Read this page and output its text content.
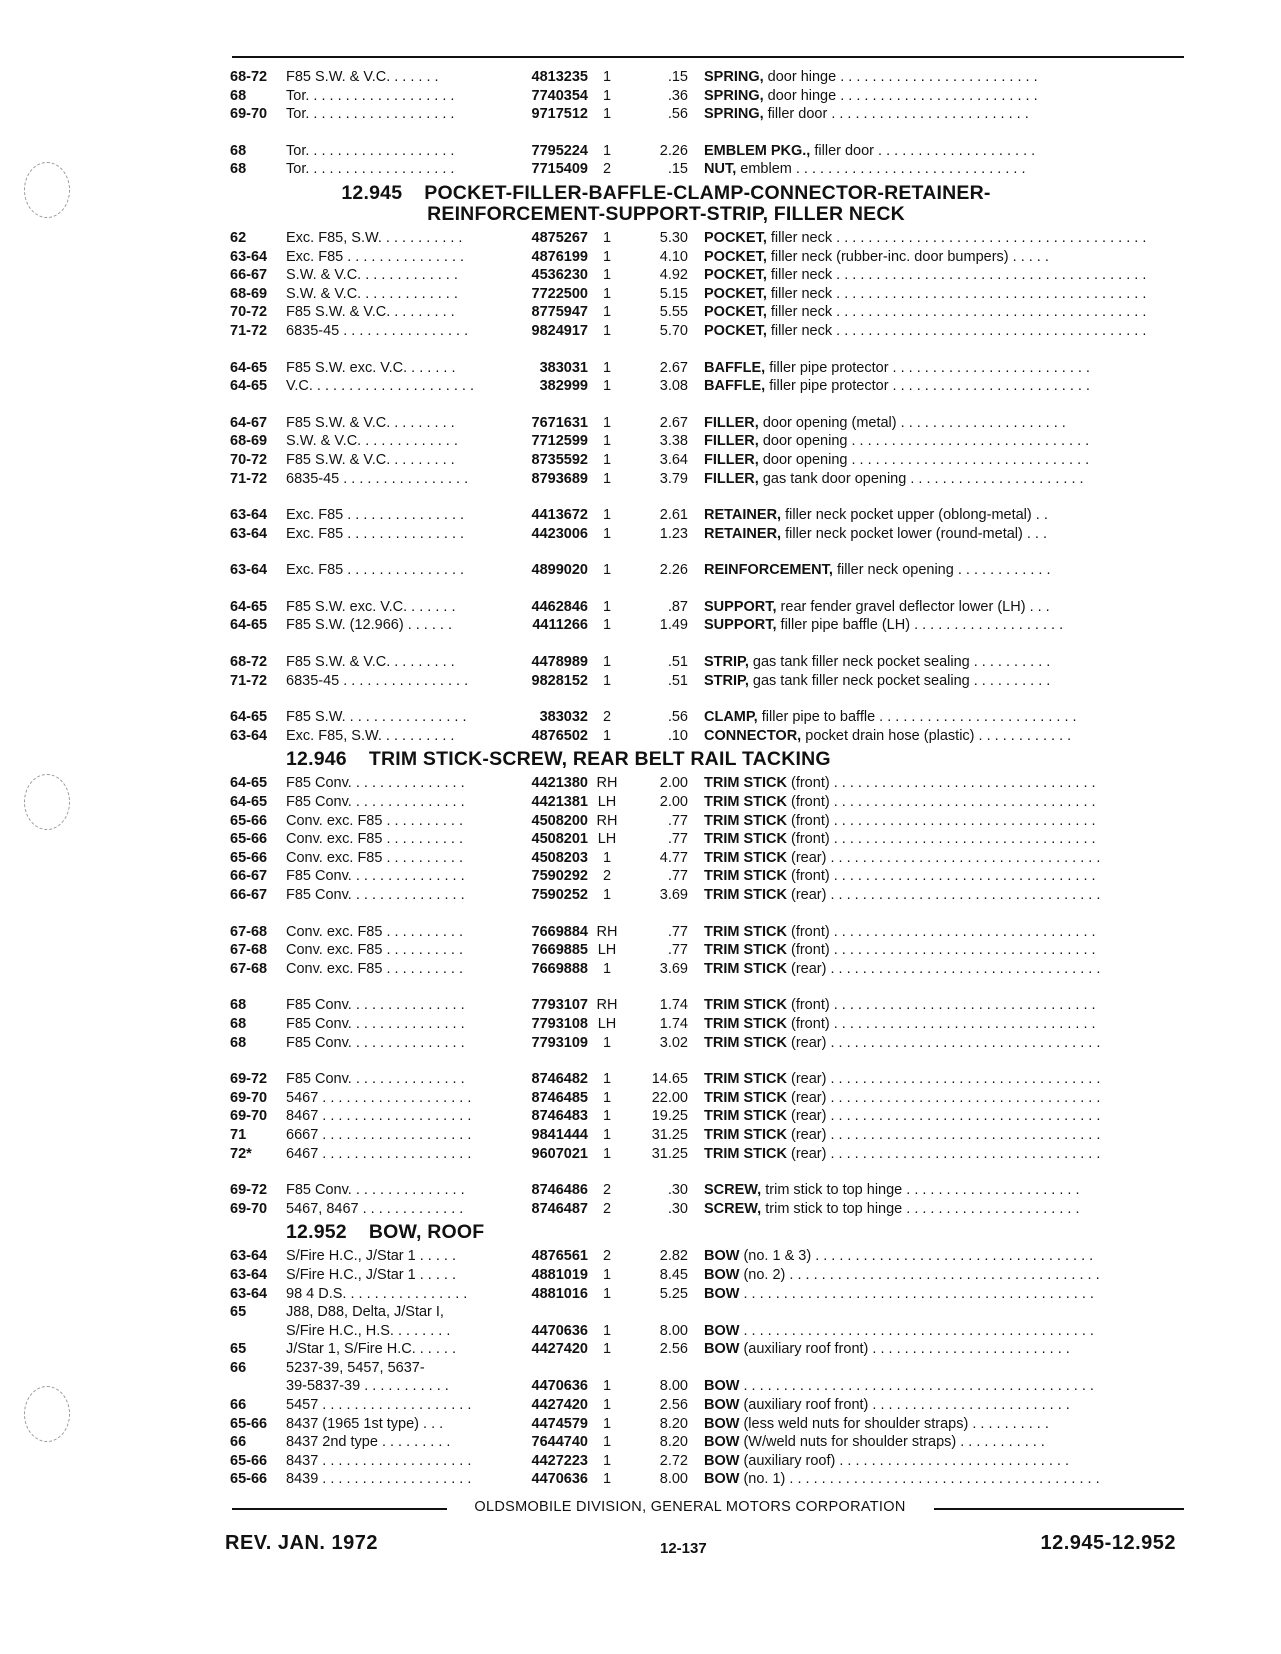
68-72	F85 S.W. & V.C. . . . . . .	4813235	1	.15 SPRING, door hinge . . . . . . . . . . . . . . . . . . . . . . . . .
68	Tor. . . . . . . . . . . . . . . . . . .	7740354	1	.36 SPRING, door hinge . . . . . . . . . . . . . . . . . . . . . . . . .
69-70	Tor. . . . . . . . . . . . . . . . . . .	9717512	1	.56 SPRING, filler door . . . . . . . . . . . . . . . . . . . . . . . . .
68	Tor. . . . . . . . . . . . . . . . . . .	7795224	1	2.26 EMBLEM PKG., filler door . . . . . . . . . . . . . . . . . . . .
68	Tor. . . . . . . . . . . . . . . . . . .	7715409	2	.15 NUT, emblem . . . . . . . . . . . . . . . . . . . . . . . . . . . . .
12.945 POCKET-FILLER-BAFFLE-CLAMP-CONNECTOR-RETAINER-
REINFORCEMENT-SUPPORT-STRIP, FILLER NECK
62	Exc. F85, S.W. . . . . . . . . . .	4875267	1	5.30 POCKET, filler neck . . . . . . . . . . . . . . . . . . . . . . . . . . . . . . . . . . . . . . .
63-64	Exc. F85 . . . . . . . . . . . . . . .	4876199	1	4.10 POCKET, filler neck (rubber-inc. door bumpers) . . . . .
66-67	S.W. & V.C. . . . . . . . . . . . .	4536230	1	4.92 POCKET, filler neck . . . . . . . . . . . . . . . . . . . . . . . . . . . . . . . . . . . . . . .
68-69	S.W. & V.C. . . . . . . . . . . . .	7722500	1	5.15 POCKET, filler neck . . . . . . . . . . . . . . . . . . . . . . . . . . . . . . . . . . . . . . .
70-72	F85 S.W. & V.C. . . . . . . . .	8775947	1	5.55 POCKET, filler neck . . . . . . . . . . . . . . . . . . . . . . . . . . . . . . . . . . . . . . .
71-72	6835-45 . . . . . . . . . . . . . . . .	9824917	1	5.70 POCKET, filler neck . . . . . . . . . . . . . . . . . . . . . . . . . . . . . . . . . . . . . . .
64-65	F85 S.W. exc. V.C. . . . . . .	383031	1	2.67 BAFFLE, filler pipe protector . . . . . . . . . . . . . . . . . . . . . . . . .
64-65	V.C. . . . . . . . . . . . . . . . . . . . .	382999	1	3.08 BAFFLE, filler pipe protector . . . . . . . . . . . . . . . . . . . . . . . . .
64-67	F85 S.W. & V.C. . . . . . . . .	7671631	1	2.67 FILLER, door opening (metal) . . . . . . . . . . . . . . . . . . . . .
68-69	S.W. & V.C. . . . . . . . . . . . .	7712599	1	3.38 FILLER, door opening . . . . . . . . . . . . . . . . . . . . . . . . . . . . . .
70-72	F85 S.W. & V.C. . . . . . . . .	8735592	1	3.64 FILLER, door opening . . . . . . . . . . . . . . . . . . . . . . . . . . . . . .
71-72	6835-45 . . . . . . . . . . . . . . . .	8793689	1	3.79 FILLER, gas tank door opening . . . . . . . . . . . . . . . . . . . . . .
63-64	Exc. F85 . . . . . . . . . . . . . . .	4413672	1	2.61 RETAINER, filler neck pocket upper (oblong-metal) . .
63-64	Exc. F85 . . . . . . . . . . . . . . .	4423006	1	1.23 RETAINER, filler neck pocket lower (round-metal) . . .
63-64	Exc. F85 . . . . . . . . . . . . . . .	4899020	1	2.26 REINFORCEMENT, filler neck opening . . . . . . . . . . . .
64-65	F85 S.W. exc. V.C. . . . . . .	4462846	1	.87 SUPPORT, rear fender gravel deflector lower (LH) . . .
64-65	F85 S.W. (12.966) . . . . . .	4411266	1	1.49 SUPPORT, filler pipe baffle (LH) . . . . . . . . . . . . . . . . . . .
68-72	F85 S.W. & V.C. . . . . . . . .	4478989	1	.51 STRIP, gas tank filler neck pocket sealing . . . . . . . . . .
71-72	6835-45 . . . . . . . . . . . . . . . .	9828152	1	.51 STRIP, gas tank filler neck pocket sealing . . . . . . . . . .
64-65	F85 S.W. . . . . . . . . . . . . . . .	383032	2	.56 CLAMP, filler pipe to baffle . . . . . . . . . . . . . . . . . . . . . . . . .
63-64	Exc. F85, S.W. . . . . . . . . .	4876502	1	.10 CONNECTOR, pocket drain hose (plastic) . . . . . . . . . . . .
12.946 TRIM STICK-SCREW, REAR BELT RAIL TACKING
64-65	F85 Conv. . . . . . . . . . . . . . .	4421380 RH	2.00 TRIM STICK (front) . . . . . . . . . . . . . . . . . . . . . . . . . . . . . . . . .
64-65	F85 Conv. . . . . . . . . . . . . . .	4421381 LH	2.00 TRIM STICK (front) . . . . . . . . . . . . . . . . . . . . . . . . . . . . . . . . .
65-66	Conv. exc. F85 . . . . . . . . . .	4508200 RH	.77 TRIM STICK (front) . . . . . . . . . . . . . . . . . . . . . . . . . . . . . . . . .
65-66	Conv. exc. F85 . . . . . . . . . .	4508201 LH	.77 TRIM STICK (front) . . . . . . . . . . . . . . . . . . . . . . . . . . . . . . . . .
65-66	Conv. exc. F85 . . . . . . . . . .	4508203	1	4.77 TRIM STICK (rear) . . . . . . . . . . . . . . . . . . . . . . . . . . . . . . . . . .
66-67	F85 Conv. . . . . . . . . . . . . . .	7590292	2	.77 TRIM STICK (front) . . . . . . . . . . . . . . . . . . . . . . . . . . . . . . . . .
66-67	F85 Conv. . . . . . . . . . . . . . .	7590252	1	3.69 TRIM STICK (rear) . . . . . . . . . . . . . . . . . . . . . . . . . . . . . . . . . .
67-68	Conv. exc. F85 . . . . . . . . . .	7669884 RH	.77 TRIM STICK (front) . . . . . . . . . . . . . . . . . . . . . . . . . . . . . . . . .
67-68	Conv. exc. F85 . . . . . . . . . .	7669885 LH	.77 TRIM STICK (front) . . . . . . . . . . . . . . . . . . . . . . . . . . . . . . . . .
67-68	Conv. exc. F85 . . . . . . . . . .	7669888	1	3.69 TRIM STICK (rear) . . . . . . . . . . . . . . . . . . . . . . . . . . . . . . . . . .
68	F85 Conv. . . . . . . . . . . . . . .	7793107 RH	1.74 TRIM STICK (front) . . . . . . . . . . . . . . . . . . . . . . . . . . . . . . . . .
68	F85 Conv. . . . . . . . . . . . . . .	7793108 LH	1.74 TRIM STICK (front) . . . . . . . . . . . . . . . . . . . . . . . . . . . . . . . . .
68	F85 Conv. . . . . . . . . . . . . . .	7793109	1	3.02 TRIM STICK (rear) . . . . . . . . . . . . . . . . . . . . . . . . . . . . . . . . . .
69-72	F85 Conv. . . . . . . . . . . . . . .	8746482	1	14.65 TRIM STICK (rear) . . . . . . . . . . . . . . . . . . . . . . . . . . . . . . . . . .
69-70	5467 . . . . . . . . . . . . . . . . . . .	8746485	1	22.00 TRIM STICK (rear) . . . . . . . . . . . . . . . . . . . . . . . . . . . . . . . . . .
69-70	8467 . . . . . . . . . . . . . . . . . . .	8746483	1	19.25 TRIM STICK (rear) . . . . . . . . . . . . . . . . . . . . . . . . . . . . . . . . . .
71	6667 . . . . . . . . . . . . . . . . . . .	9841444	1	31.25 TRIM STICK (rear) . . . . . . . . . . . . . . . . . . . . . . . . . . . . . . . . . .
72*	6467 . . . . . . . . . . . . . . . . . . .	9607021	1	31.25 TRIM STICK (rear) . . . . . . . . . . . . . . . . . . . . . . . . . . . . . . . . . .
69-72	F85 Conv. . . . . . . . . . . . . . .	8746486	2	.30 SCREW, trim stick to top hinge . . . . . . . . . . . . . . . . . . . . . .
69-70	5467, 8467 . . . . . . . . . . . . .	8746487	2	.30 SCREW, trim stick to top hinge . . . . . . . . . . . . . . . . . . . . . .
12.952 BOW, ROOF
63-64	S/Fire H.C., J/Star 1 . . . . .	4876561	2	2.82 BOW (no. 1 & 3) . . . . . . . . . . . . . . . . . . . . . . . . . . . . . . . . . . .
63-64	S/Fire H.C., J/Star 1 . . . . .	4881019	1	8.45 BOW (no. 2) . . . . . . . . . . . . . . . . . . . . . . . . . . . . . . . . . . . . . . .
63-64	98 4 D.S. . . . . . . . . . . . . . . .	4881016	1	5.25 BOW . . . . . . . . . . . . . . . . . . . . . . . . . . . . . . . . . . . . . . . . . . . .
65	J88, D88, Delta, J/Star I,
S/Fire H.C., H.S. . . . . . . .	4470636	1	8.00 BOW . . . . . . . . . . . . . . . . . . . . . . . . . . . . . . . . . . . . . . . . . . . .
65	J/Star 1, S/Fire H.C. . . . . .	4427420	1	2.56 BOW (auxiliary roof front) . . . . . . . . . . . . . . . . . . . . . . . . .
66	5237-39, 5457, 5637-
39-5837-39 . . . . . . . . . . .	4470636	1	8.00 BOW . . . . . . . . . . . . . . . . . . . . . . . . . . . . . . . . . . . . . . . . . . . .
66	5457 . . . . . . . . . . . . . . . . . . .	4427420	1	2.56 BOW (auxiliary roof front) . . . . . . . . . . . . . . . . . . . . . . . . .
65-66	8437 (1965 1st type) . . .	4474579	1	8.20 BOW (less weld nuts for shoulder straps) . . . . . . . . . .
66	8437 2nd type . . . . . . . . .	7644740	1	8.20 BOW (W/weld nuts for shoulder straps) . . . . . . . . . . .
65-66	8437 . . . . . . . . . . . . . . . . . . .	4427223	1	2.72 BOW (auxiliary roof) . . . . . . . . . . . . . . . . . . . . . . . . . . . . .
65-66	8439 . . . . . . . . . . . . . . . . . . .	4470636	1	8.00 BOW (no. 1) . . . . . . . . . . . . . . . . . . . . . . . . . . . . . . . . . . . . . . .
OLDSMOBILE DIVISION, GENERAL MOTORS CORPORATION
REV. JAN. 1972	12-137	12.945-12.952
